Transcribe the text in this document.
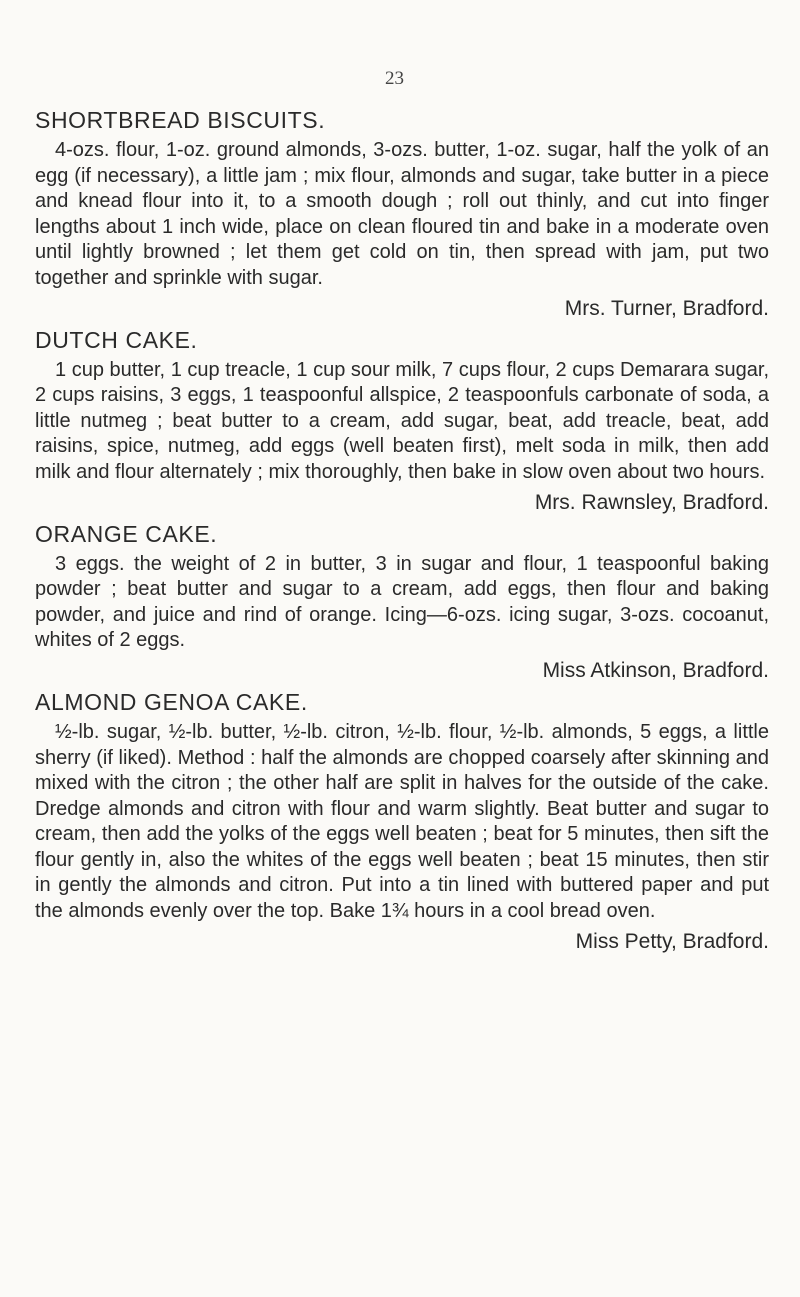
23
SHORTBREAD BISCUITS.

4-ozs. flour, 1-oz. ground almonds, 3-ozs. butter, 1-oz. sugar, half the yolk of an egg (if necessary), a little jam ; mix flour, almonds and sugar, take butter in a piece and knead flour into it, to a smooth dough ; roll out thinly, and cut into finger lengths about 1 inch wide, place on clean floured tin and bake in a moderate oven until lightly browned ; let them get cold on tin, then spread with jam, put two together and sprinkle with sugar.

Mrs. Turner, Bradford.
DUTCH CAKE.

1 cup butter, 1 cup treacle, 1 cup sour milk, 7 cups flour, 2 cups Demarara sugar, 2 cups raisins, 3 eggs, 1 teaspoonful allspice, 2 teaspoonfuls carbonate of soda, a little nutmeg ; beat butter to a cream, add sugar, beat, add treacle, beat, add raisins, spice, nutmeg, add eggs (well beaten first), melt soda in milk, then add milk and flour alternately ; mix thoroughly, then bake in slow oven about two hours.

Mrs. Rawnsley, Bradford.
ORANGE CAKE.

3 eggs. the weight of 2 in butter, 3 in sugar and flour, 1 teaspoonful baking powder ; beat butter and sugar to a cream, add eggs, then flour and baking powder, and juice and rind of orange. Icing—6-ozs. icing sugar, 3-ozs. cocoanut, whites of 2 eggs.

Miss Atkinson, Bradford.
ALMOND GENOA CAKE.

½-lb. sugar, ½-lb. butter, ½-lb. citron, ½-lb. flour, ½-lb. almonds, 5 eggs, a little sherry (if liked). Method : half the almonds are chopped coarsely after skinning and mixed with the citron ; the other half are split in halves for the outside of the cake. Dredge almonds and citron with flour and warm slightly. Beat butter and sugar to cream, then add the yolks of the eggs well beaten ; beat for 5 minutes, then sift the flour gently in, also the whites of the eggs well beaten ; beat 15 minutes, then stir in gently the almonds and citron. Put into a tin lined with buttered paper and put the almonds evenly over the top. Bake 1¾ hours in a cool bread oven.

Miss Petty, Bradford.
